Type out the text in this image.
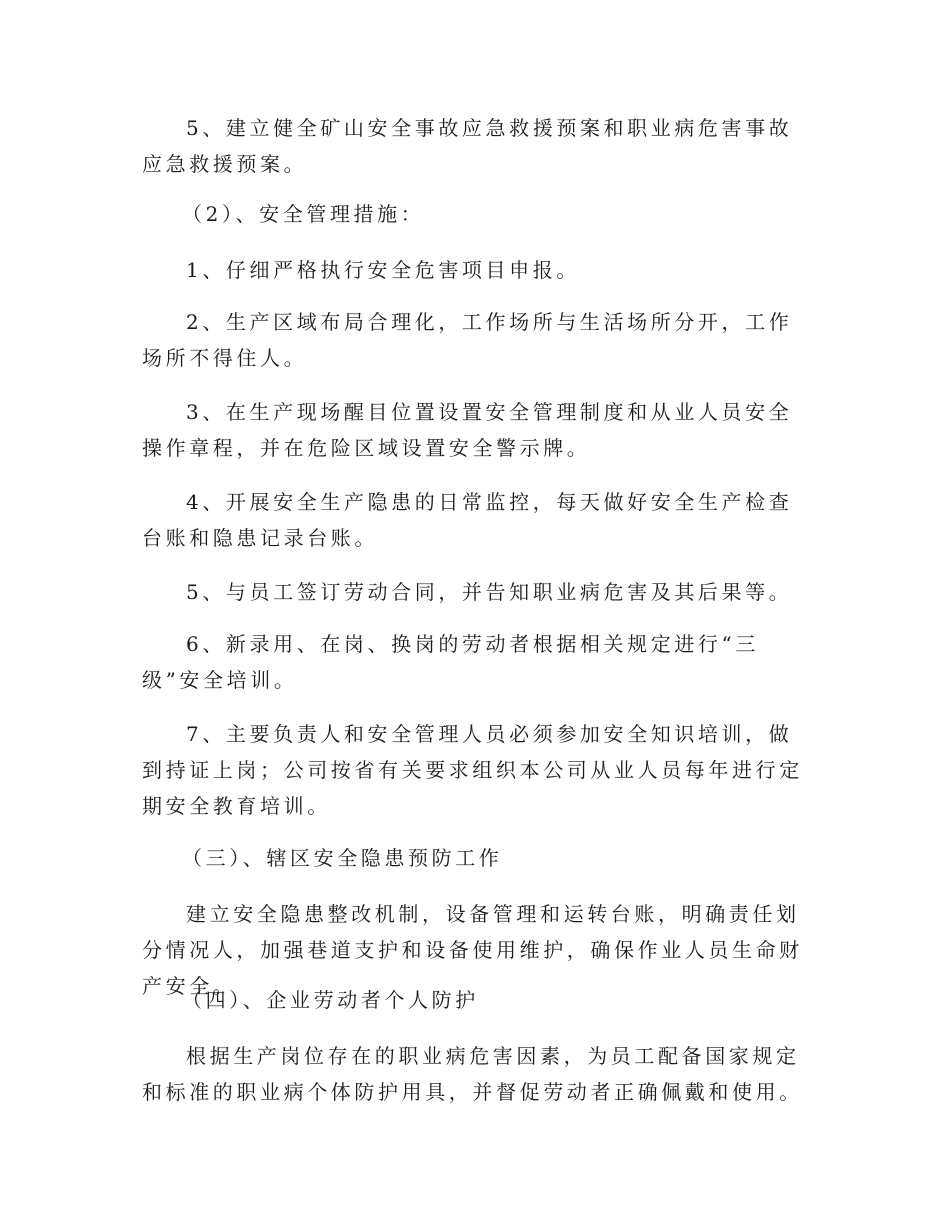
5、建立健全矿山安全事故应急救援预案和职业病危害事故应急救援预案。

（2）、安全管理措施：

1、仔细严格执行安全危害项目申报。

2、生产区域布局合理化，工作场所与生活场所分开，工作场所不得住人。

3、在生产现场醒目位置设置安全管理制度和从业人员安全操作章程，并在危险区域设置安全警示牌。

4、开展安全生产隐患的日常监控，每天做好安全生产检查台账和隐患记录台账。

5、与员工签订劳动合同，并告知职业病危害及其后果等。

6、新录用、在岗、换岗的劳动者根据相关规定进行“三级”安全培训。

7、主要负责人和安全管理人员必须参加安全知识培训，做到持证上岗；公司按省有关要求组织本公司从业人员每年进行定期安全教育培训。

（三）、辖区安全隐患预防工作

建立安全隐患整改机制，设备管理和运转台账，明确责任划分情况人，加强巷道支护和设备使用维护，确保作业人员生命财产安全。

（四）、企业劳动者个人防护

根据生产岗位存在的职业病危害因素，为员工配备国家规定和标准的职业病个体防护用具，并督促劳动者正确佩戴和使用。
